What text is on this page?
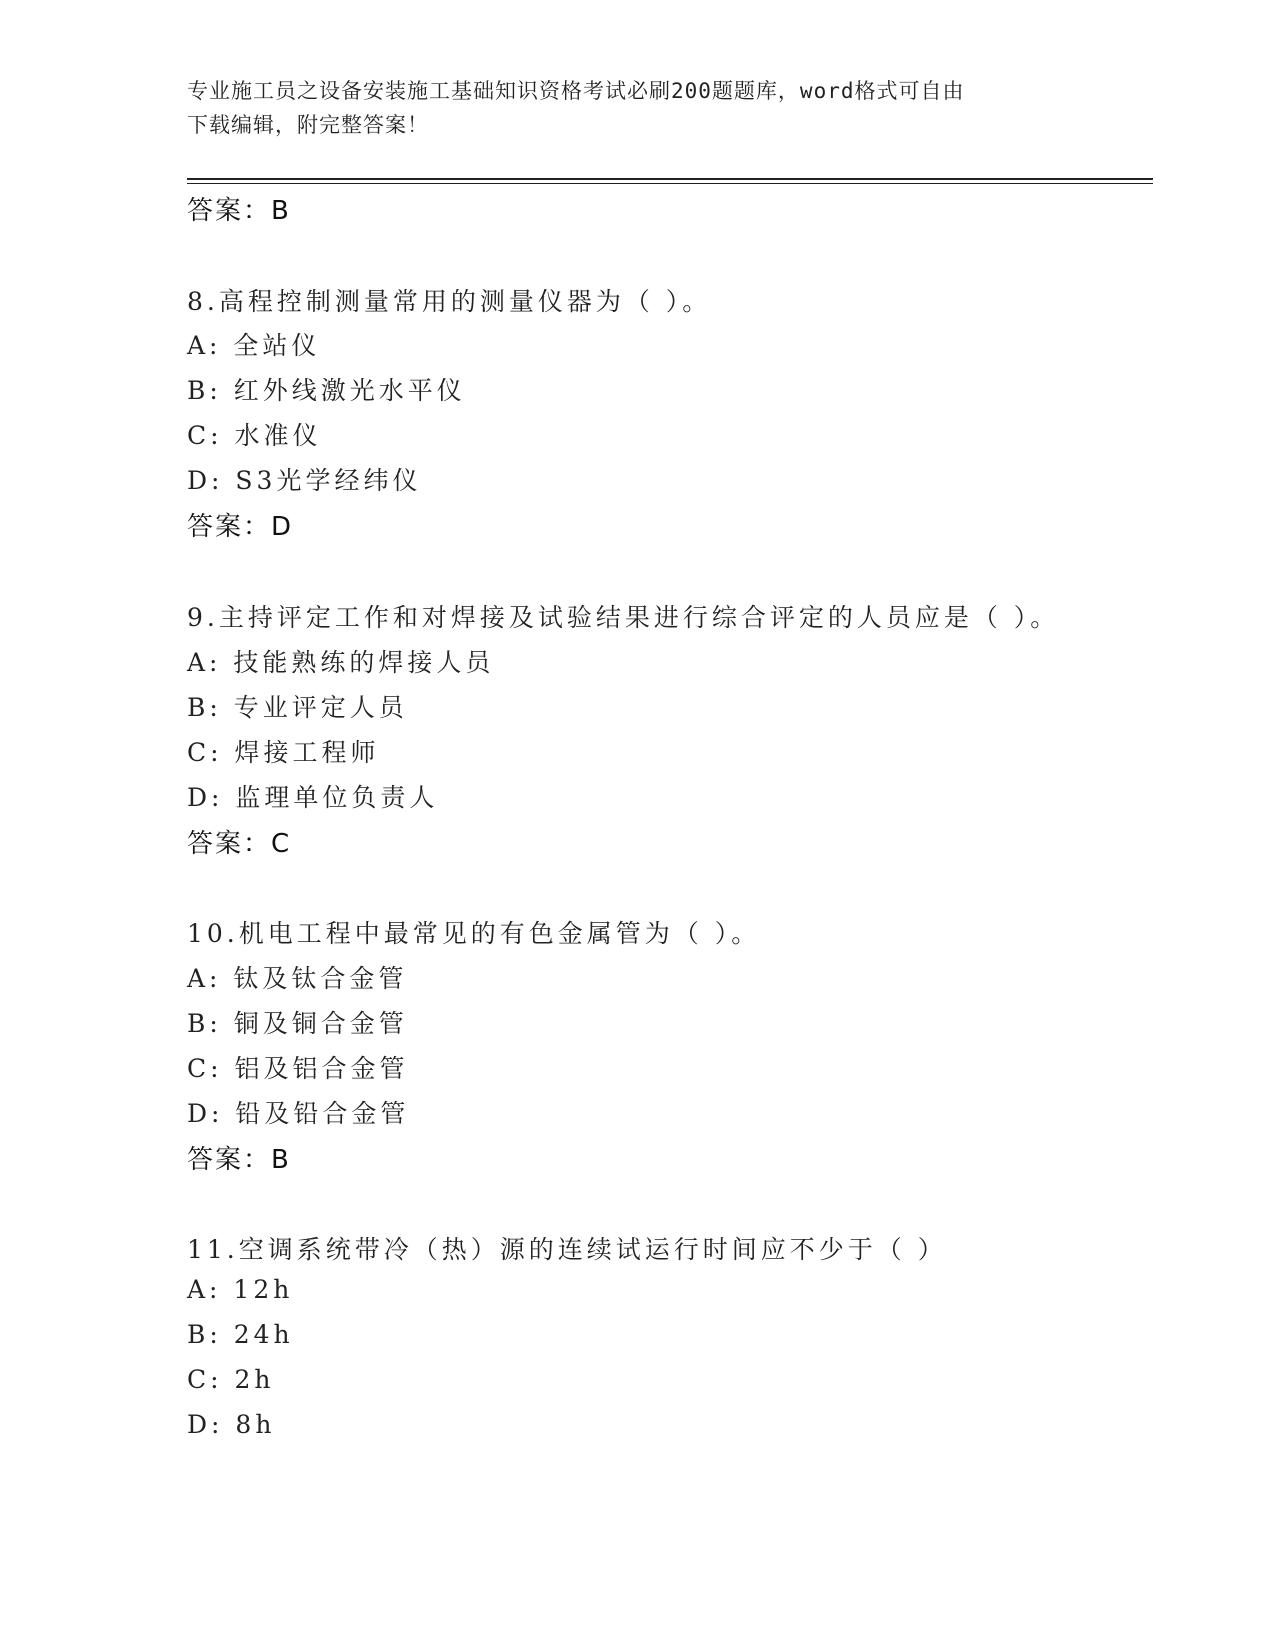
专业施工员之设备安装施工基础知识资格考试必刷200题题库，word格式可自由
下载编辑，附完整答案！
答案：B
8.高程控制测量常用的测量仪器为（ ）。
A: 全站仪
B: 红外线激光水平仪
C: 水准仪
D: S3光学经纬仪
答案：D
9.主持评定工作和对焊接及试验结果进行综合评定的人员应是（ ）。
A: 技能熟练的焊接人员
B: 专业评定人员
C: 焊接工程师
D: 监理单位负责人
答案：C
10.机电工程中最常见的有色金属管为（ ）。
A: 钛及钛合金管
B: 铜及铜合金管
C: 铝及铝合金管
D: 铅及铅合金管
答案：B
11.空调系统带冷（热）源的连续试运行时间应不少于（ ）
A: 12h
B: 24h
C: 2h
D: 8h
